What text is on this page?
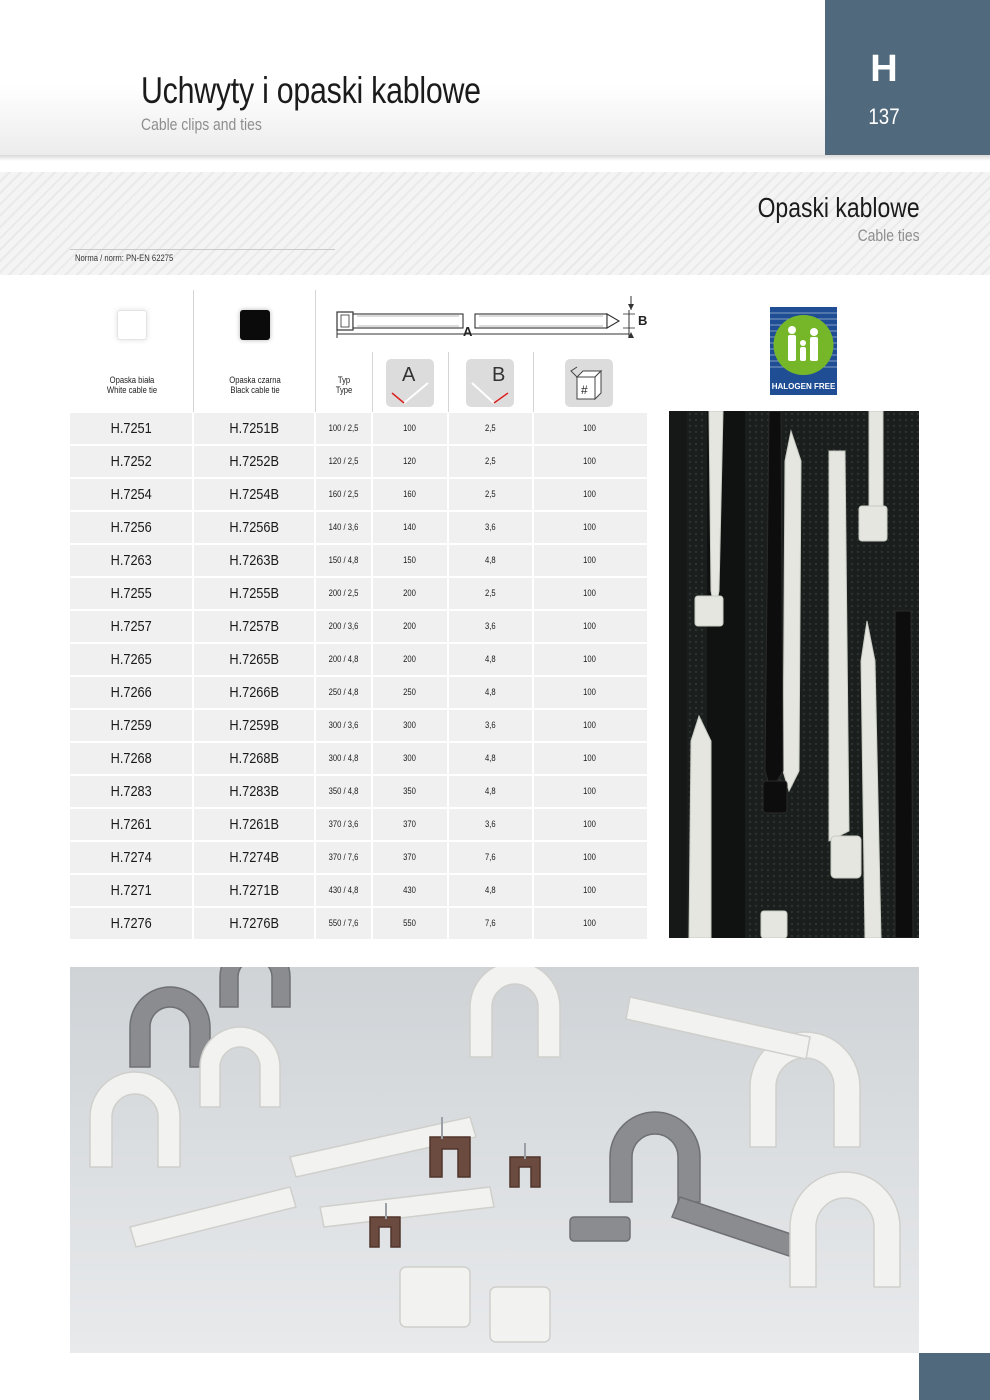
Uchwyty i opaski kablowe
Cable clips and ties
H
137
Opaski kablowe
Cable ties
Norma / norm: PN-EN 62275
Opaska biała
White cable tie
Opaska czarna
Black cable tie
Typ
Type
A	B
#
A
B
HALOGEN FREE
H.7251	H.7251B	100 / 2,5	100	2,5	100
H.7252	H.7252B	120 / 2,5	120	2,5	100
H.7254	H.7254B	160 / 2,5	160	2,5	100
H.7256	H.7256B	140 / 3,6	140	3,6	100
H.7263	H.7263B	150 / 4,8	150	4,8	100
H.7255	H.7255B	200 / 2,5	200	2,5	100
H.7257	H.7257B	200 / 3,6	200	3,6	100
H.7265	H.7265B	200 / 4,8	200	4,8	100
H.7266	H.7266B	250 / 4,8	250	4,8	100
H.7259	H.7259B	300 / 3,6	300	3,6	100
H.7268	H.7268B	300 / 4,8	300	4,8	100
H.7283	H.7283B	350 / 4,8	350	4,8	100
H.7261	H.7261B	370 / 3,6	370	3,6	100
H.7274	H.7274B	370 / 7,6	370	7,6	100
H.7271	H.7271B	430 / 4,8	430	4,8	100
H.7276	H.7276B	550 / 7,6	550	7,6	100
